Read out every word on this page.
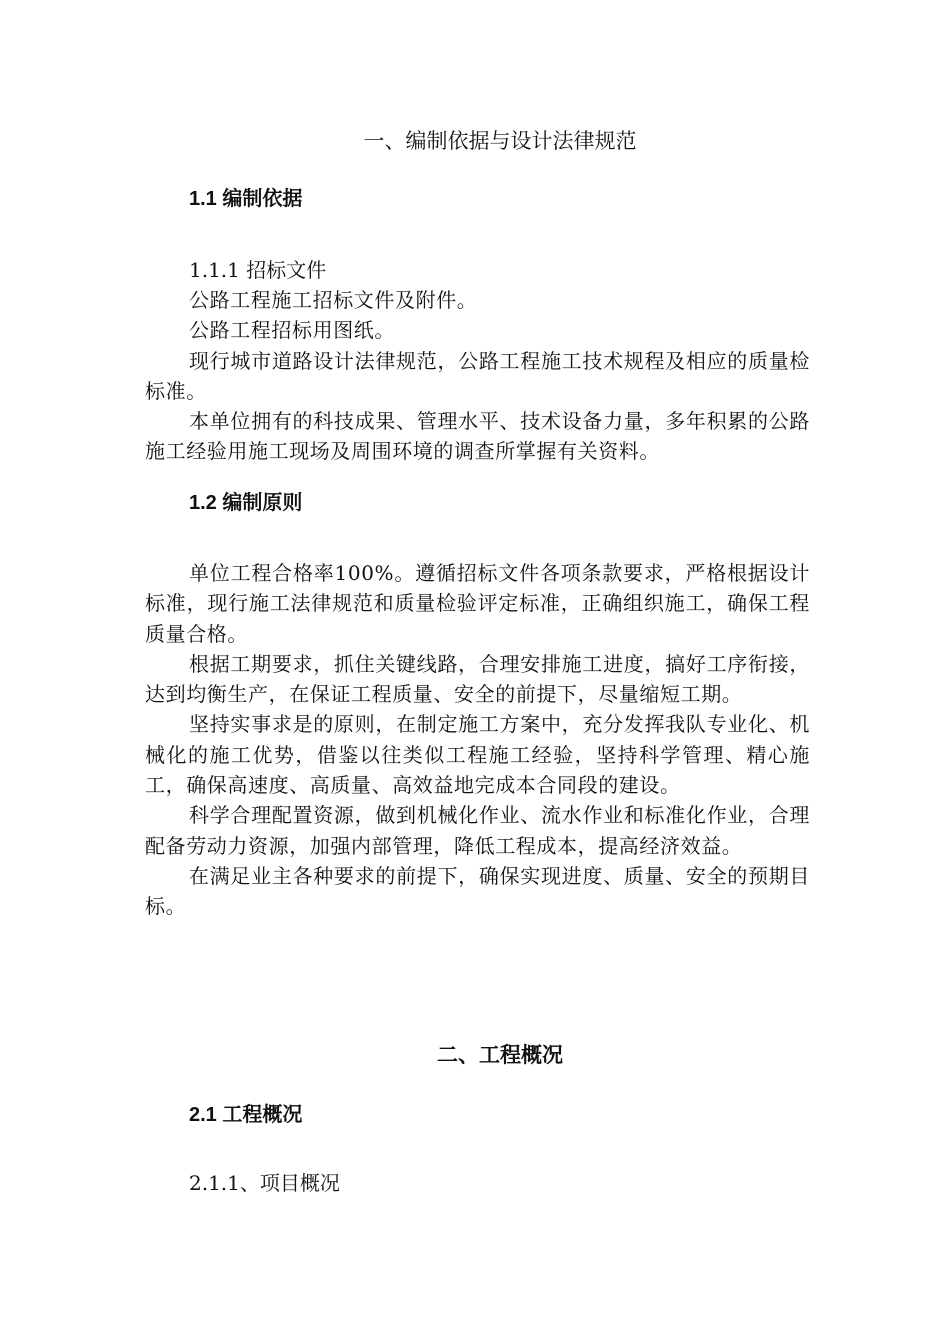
一、编制依据与设计法律规范
1.1 编制依据
1.1.1 招标文件

公路工程施工招标文件及附件。

公路工程招标用图纸。

现行城市道路设计法律规范，公路工程施工技术规程及相应的质量检标准。

本单位拥有的科技成果、管理水平、技术设备力量，多年积累的公路施工经验用施工现场及周围环境的调查所掌握有关资料。

1.2 编制原则

单位工程合格率100%。遵循招标文件各项条款要求，严格根据设计标准，现行施工法律规范和质量检验评定标准，正确组织施工，确保工程质量合格。

根据工期要求，抓住关键线路，合理安排施工进度，搞好工序衔接，达到均衡生产，在保证工程质量、安全的前提下，尽量缩短工期。

坚持实事求是的原则，在制定施工方案中，充分发挥我队专业化、机械化的施工优势，借鉴以往类似工程施工经验，坚持科学管理、精心施工，确保高速度、高质量、高效益地完成本合同段的建设。

科学合理配置资源，做到机械化作业、流水作业和标准化作业，合理配备劳动力资源，加强内部管理，降低工程成本，提高经济效益。

在满足业主各种要求的前提下，确保实现进度、质量、安全的预期目标。

二、工程概况
2.1 工程概况
2.1.1、项目概况
